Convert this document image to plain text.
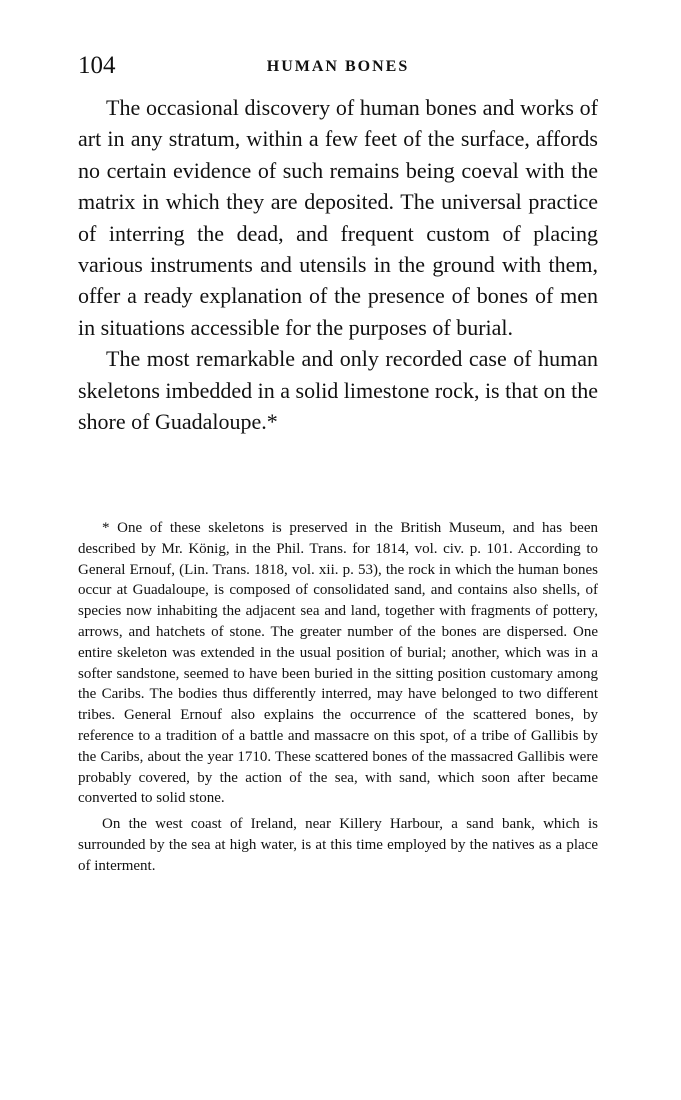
104	HUMAN BONES

The occasional discovery of human bones and works of art in any stratum, within a few feet of the surface, affords no certain evidence of such remains being coeval with the matrix in which they are deposited. The universal practice of interring the dead, and frequent custom of placing various instruments and utensils in the ground with them, offer a ready explanation of the presence of bones of men in situations accessible for the purposes of burial.

The most remarkable and only recorded case of human skeletons imbedded in a solid limestone rock, is that on the shore of Guadaloupe.*

* One of these skeletons is preserved in the British Museum, and has been described by Mr. König, in the Phil. Trans. for 1814, vol. civ. p. 101. According to General Ernouf, (Lin. Trans. 1818, vol. xii. p. 53), the rock in which the human bones occur at Guadaloupe, is composed of consolidated sand, and contains also shells, of species now inhabiting the adjacent sea and land, together with fragments of pottery, arrows, and hatchets of stone. The greater number of the bones are dispersed. One entire skeleton was extended in the usual position of burial; another, which was in a softer sandstone, seemed to have been buried in the sitting position customary among the Caribs. The bodies thus differently interred, may have belonged to two different tribes. General Ernouf also explains the occurrence of the scattered bones, by reference to a tradition of a battle and massacre on this spot, of a tribe of Gallibis by the Caribs, about the year 1710. These scattered bones of the massacred Gallibis were probably covered, by the action of the sea, with sand, which soon after became converted to solid stone.

On the west coast of Ireland, near Killery Harbour, a sand bank, which is surrounded by the sea at high water, is at this time employed by the natives as a place of interment.
